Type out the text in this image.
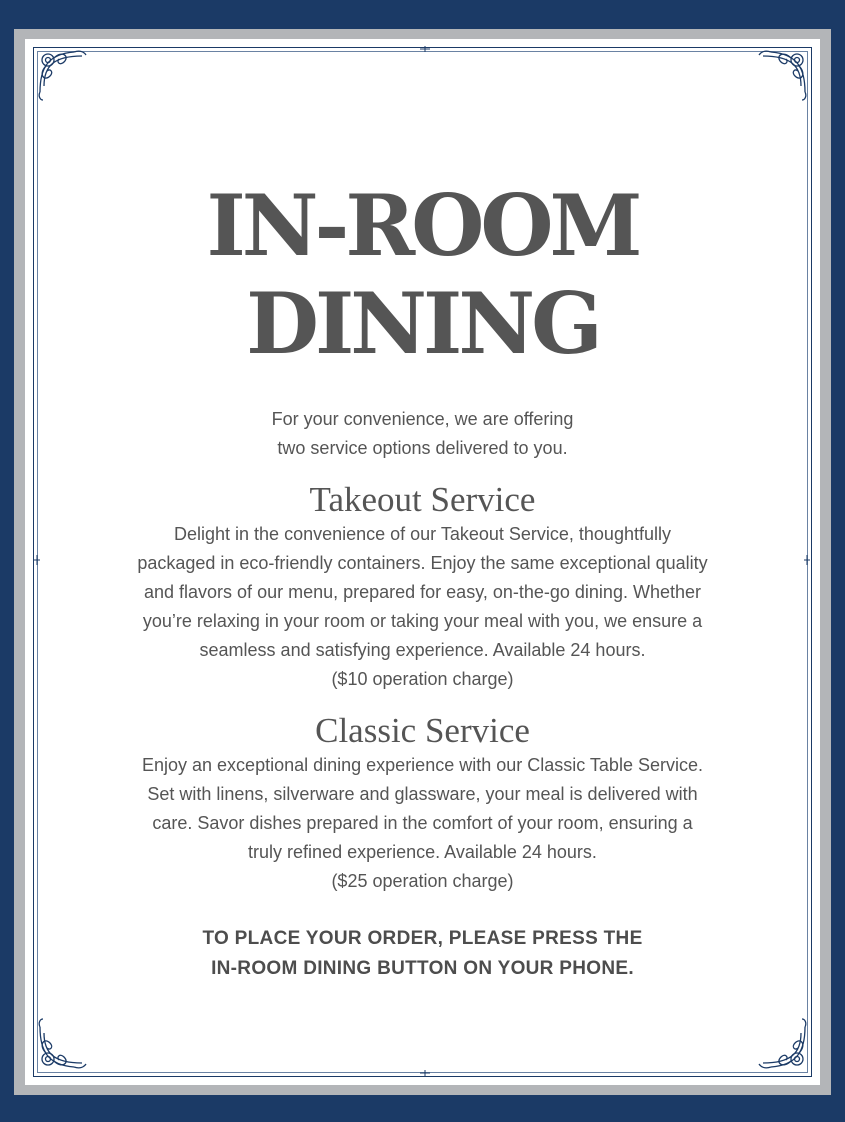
IN-ROOM
DINING
For your convenience, we are offering
two service options delivered to you.
Takeout Service
Delight in the convenience of our Takeout Service, thoughtfully
packaged in eco-friendly containers. Enjoy the same exceptional quality
and flavors of our menu, prepared for easy, on-the-go dining. Whether
you’re relaxing in your room or taking your meal with you, we ensure a
seamless and satisfying experience. Available 24 hours.
($10 operation charge)
Classic Service
Enjoy an exceptional dining experience with our Classic Table Service.
Set with linens, silverware and glassware, your meal is delivered with
care. Savor dishes prepared in the comfort of your room, ensuring a
truly refined experience. Available 24 hours.
($25 operation charge)
TO PLACE YOUR ORDER, PLEASE PRESS THE
IN-ROOM DINING BUTTON ON YOUR PHONE.
